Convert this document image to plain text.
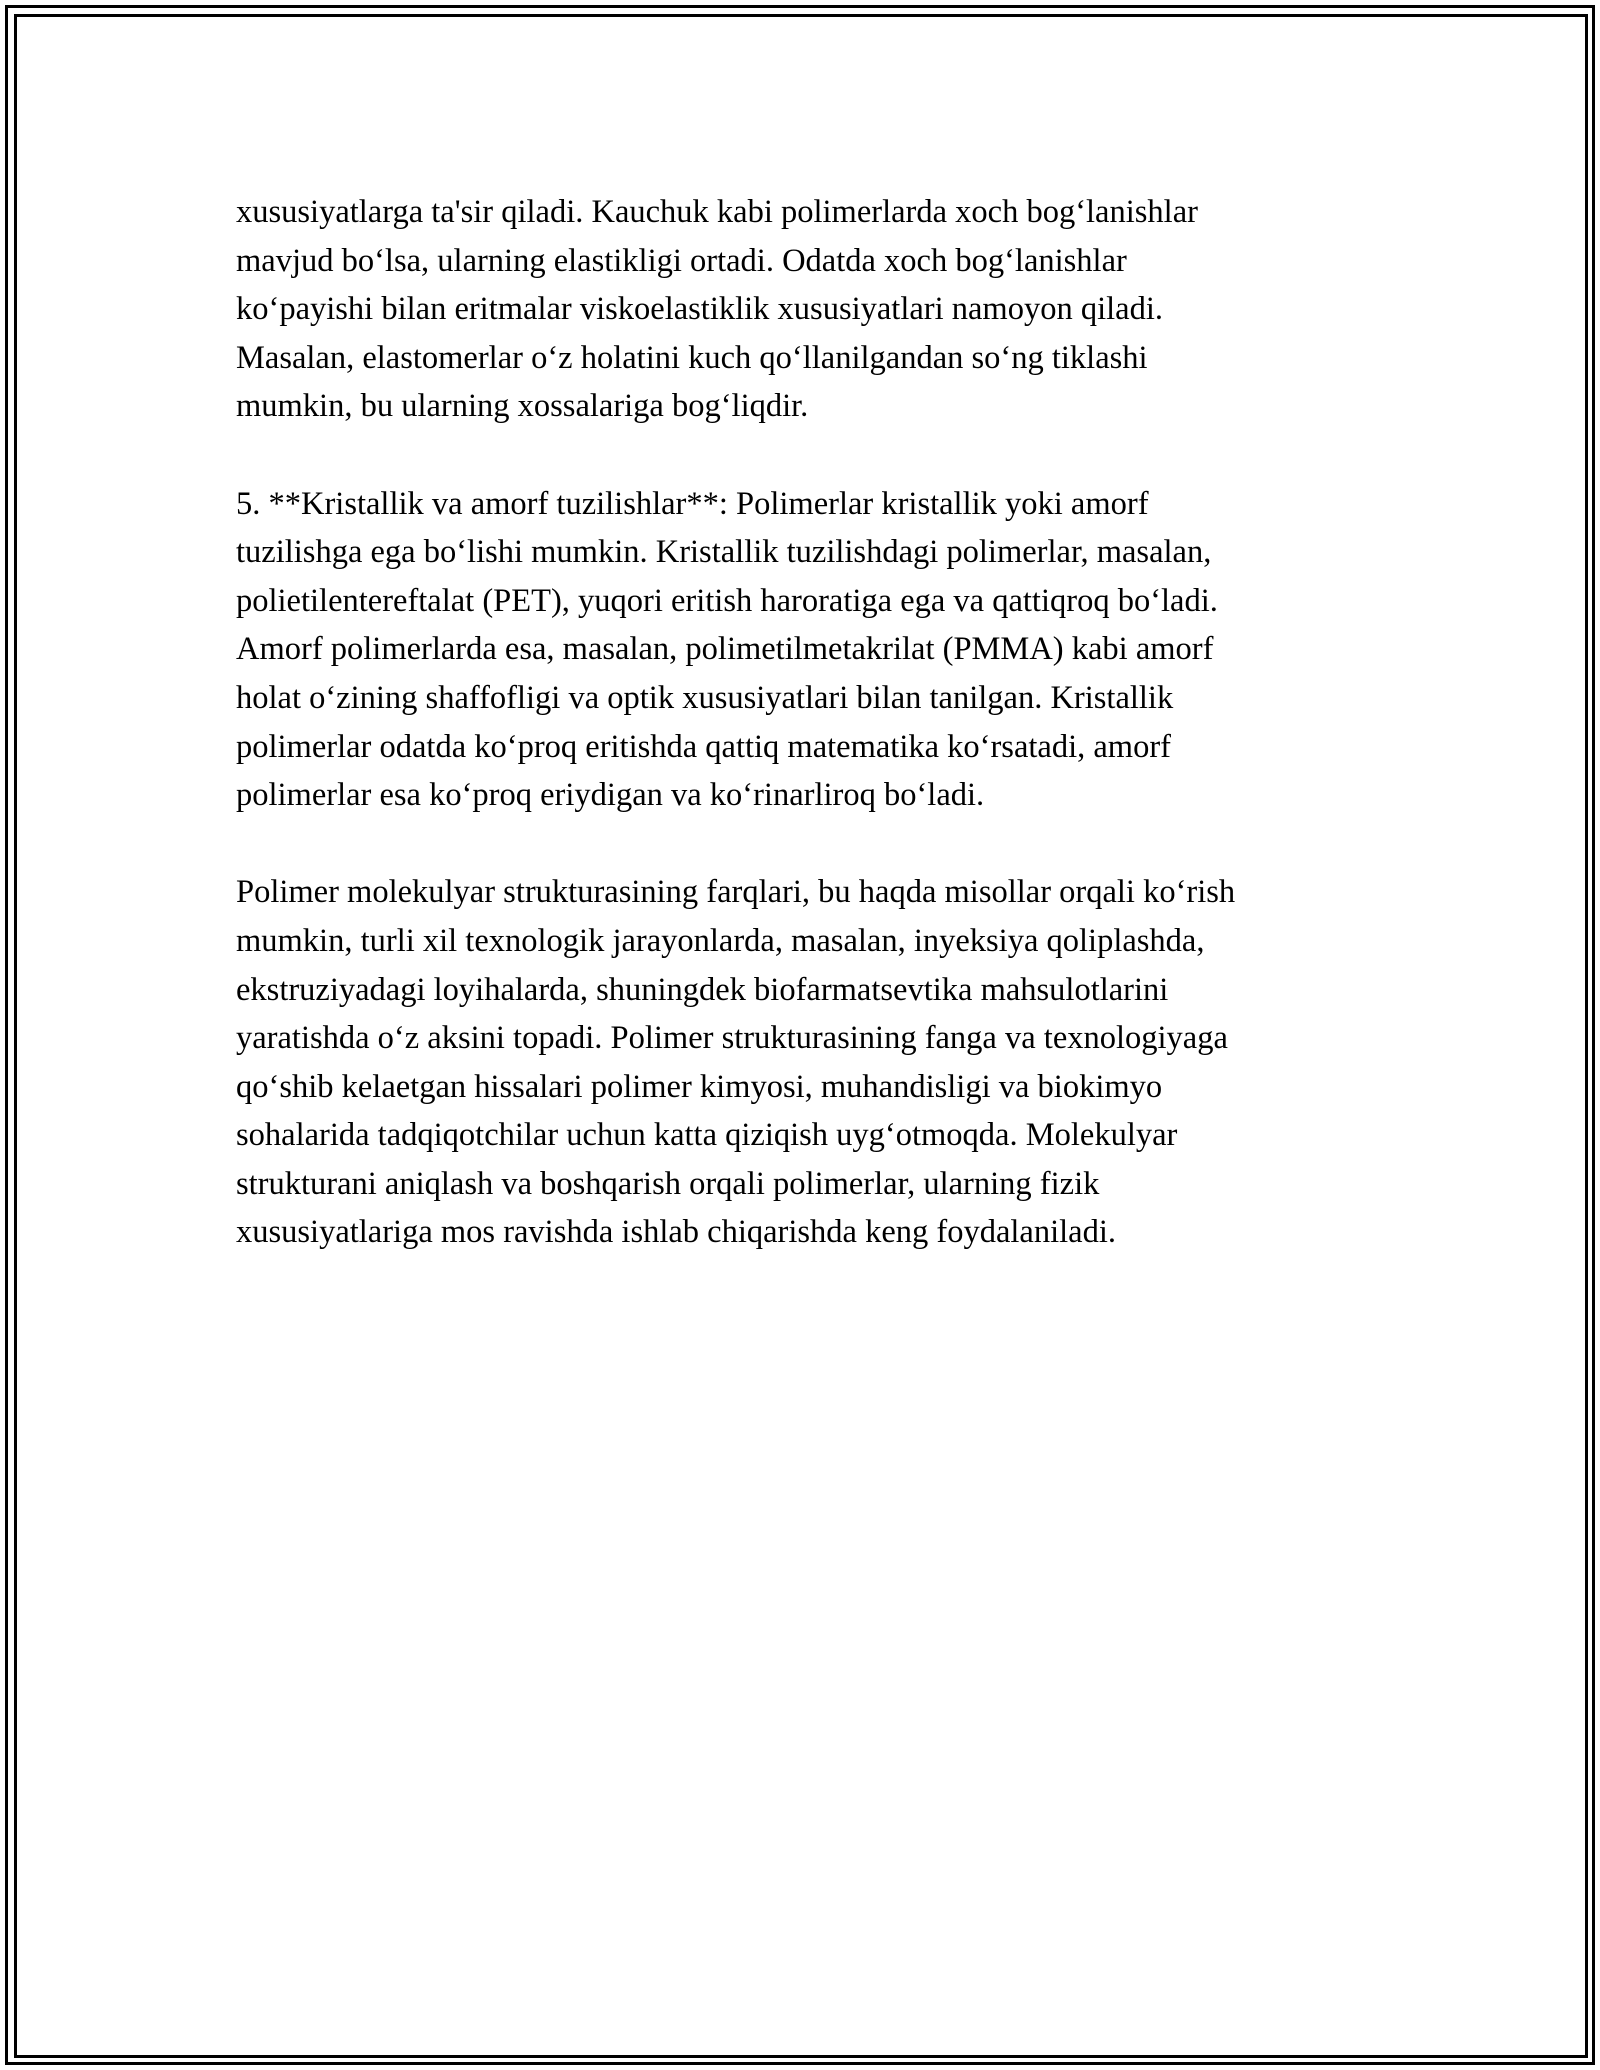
xususiyatlarga ta'sir qiladi. Kauchuk kabi polimerlarda xoch bog‘lanishlar
mavjud bo‘lsa, ularning elastikligi ortadi. Odatda xoch bog‘lanishlar
ko‘payishi bilan eritmalar viskoelastiklik xususiyatlari namoyon qiladi.
Masalan, elastomerlar o‘z holatini kuch qo‘llanilgandan so‘ng tiklashi
mumkin, bu ularning xossalariga bog‘liqdir.

5. **Kristallik va amorf tuzilishlar**: Polimerlar kristallik yoki amorf
tuzilishga ega bo‘lishi mumkin. Kristallik tuzilishdagi polimerlar, masalan,
polietilentereftalat (PET), yuqori eritish haroratiga ega va qattiqroq bo‘ladi.
Amorf polimerlarda esa, masalan, polimetilmetakrilat (PMMA) kabi amorf
holat o‘zining shaffofligi va optik xususiyatlari bilan tanilgan. Kristallik
polimerlar odatda ko‘proq eritishda qattiq matematika ko‘rsatadi, amorf
polimerlar esa ko‘proq eriydigan va ko‘rinarliroq bo‘ladi.

Polimer molekulyar strukturasining farqlari, bu haqda misollar orqali ko‘rish
mumkin, turli xil texnologik jarayonlarda, masalan, inyeksiya qoliplashda,
ekstruziyadagi loyihalarda, shuningdek biofarmatsevtika mahsulotlarini
yaratishda o‘z aksini topadi. Polimer strukturasining fanga va texnologiyaga
qo‘shib kelaetgan hissalari polimer kimyosi, muhandisligi va biokimyo
sohalarida tadqiqotchilar uchun katta qiziqish uyg‘otmoqda. Molekulyar
strukturani aniqlash va boshqarish orqali polimerlar, ularning fizik
xususiyatlariga mos ravishda ishlab chiqarishda keng foydalaniladi.
